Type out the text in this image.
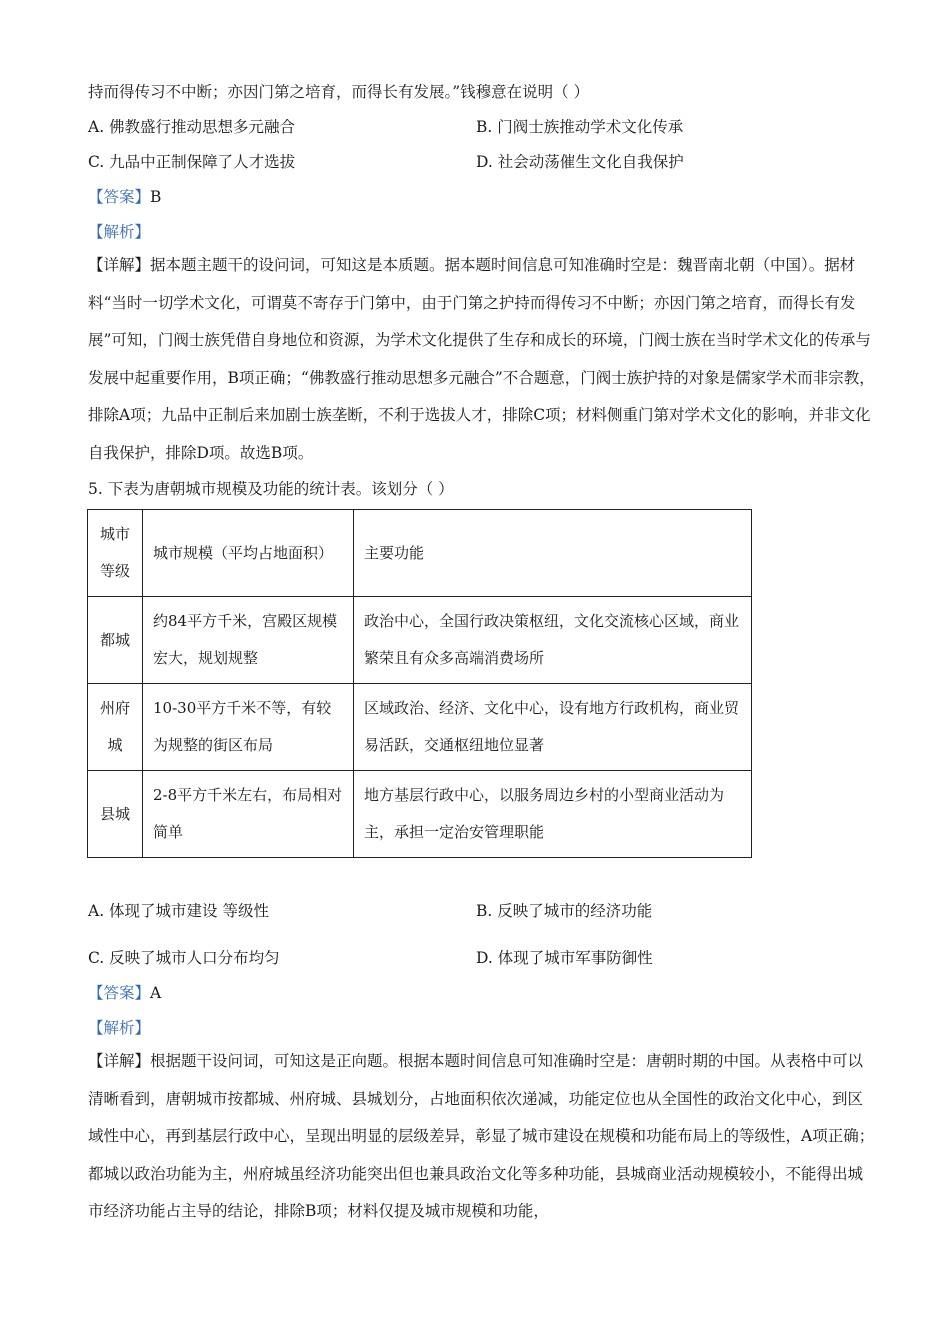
持而得传习不中断；亦因门第之培育，而得长有发展。”钱穆意在说明（ ）
A. 佛教盛行推动思想多元融合	B. 门阀士族推动学术文化传承
C. 九品中正制保障了人才选拔	D. 社会动荡催生文化自我保护
【答案】B
【解析】
【详解】据本题主题干的设问词，可知这是本质题。据本题时间信息可知准确时空是：魏晋南北朝（中国）。据材料“当时一切学术文化，可谓莫不寄存于门第中，由于门第之护持而得传习不中断；亦因门第之培育，而得长有发展”可知，门阀士族凭借自身地位和资源，为学术文化提供了生存和成长的环境，门阀士族在当时学术文化的传承与发展中起重要作用，B项正确；“佛教盛行推动思想多元融合”不合题意，门阀士族护持的对象是儒家学术而非宗教，排除A项；九品中正制后来加剧士族垄断，不利于选拔人才，排除C项；材料侧重门第对学术文化的影响，并非文化自我保护，排除D项。故选B项。
5. 下表为唐朝城市规模及功能的统计表。该划分（ ）
城市等级	城市规模（平均占地面积）	主要功能
都城	约84平方千米，宫殿区规模宏大，规划规整	政治中心，全国行政决策枢纽，文化交流核心区域，商业繁荣且有众多高端消费场所
州府城	10-30平方千米不等，有较为规整的街区布局	区域政治、经济、文化中心，设有地方行政机构，商业贸易活跃，交通枢纽地位显著
县城	2-8平方千米左右，布局相对简单	地方基层行政中心，以服务周边乡村的小型商业活动为主，承担一定治安管理职能
A. 体现了城市建设 等级性	B. 反映了城市的经济功能
C. 反映了城市人口分布均匀	D. 体现了城市军事防御性
【答案】A
【解析】
【详解】根据题干设问词，可知这是正向题。根据本题时间信息可知准确时空是：唐朝时期的中国。从表格中可以清晰看到，唐朝城市按都城、州府城、县城划分，占地面积依次递减，功能定位也从全国性的政治文化中心，到区域性中心，再到基层行政中心，呈现出明显的层级差异，彰显了城市建设在规模和功能布局上的等级性，A项正确；都城以政治功能为主，州府城虽经济功能突出但也兼具政治文化等多种功能，县城商业活动规模较小，不能得出城市经济功能占主导的结论，排除B项；材料仅提及城市规模和功能，
